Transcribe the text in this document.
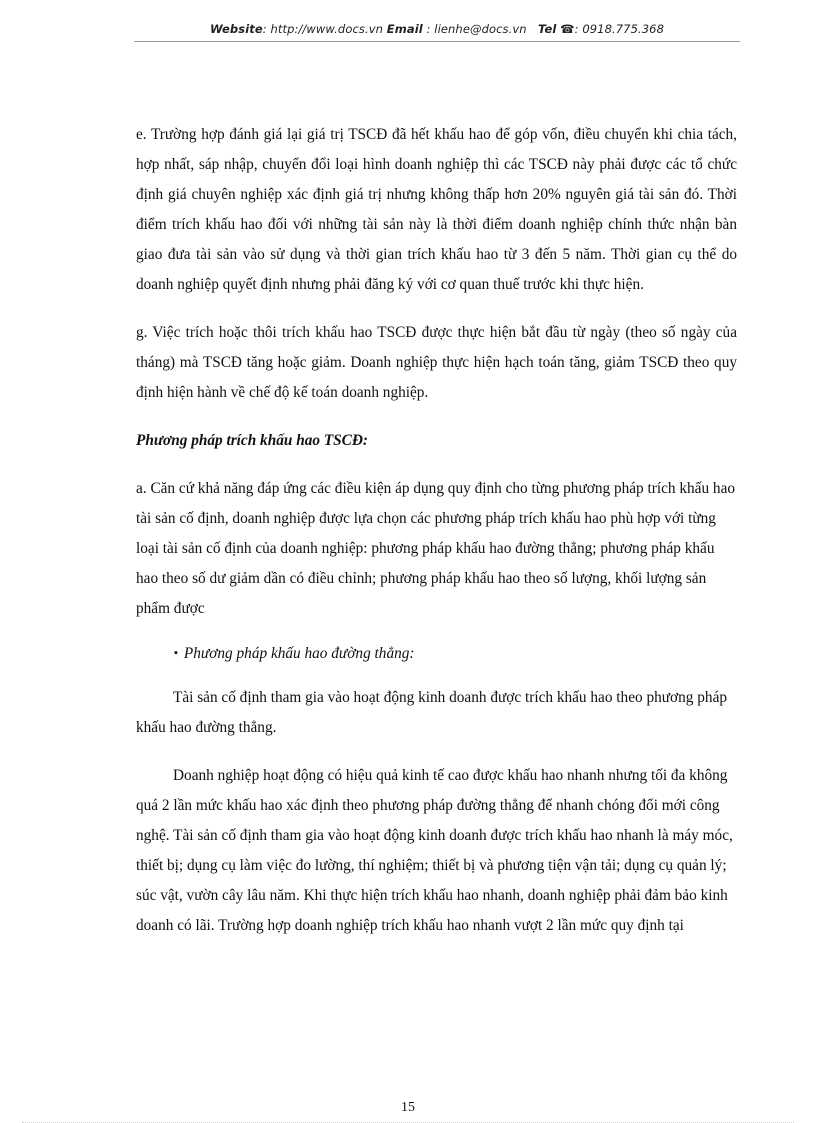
Website: http://www.docs.vn Email : lienhe@docs.vn Tel ☎: 0918.775.368

e. Trường hợp đánh giá lại giá trị TSCĐ đã hết khấu hao để góp vốn, điều chuyển khi chia tách, hợp nhất, sáp nhập, chuyển đổi loại hình doanh nghiệp thì các TSCĐ này phải được các tổ chức định giá chuyên nghiệp xác định giá trị nhưng không thấp hơn 20% nguyên giá tài sản đó. Thời điểm trích khấu hao đối với những tài sản này là thời điểm doanh nghiệp chính thức nhận bàn giao đưa tài sản vào sử dụng và thời gian trích khấu hao từ 3 đến 5 năm. Thời gian cụ thể do doanh nghiệp quyết định nhưng phải đăng ký với cơ quan thuế trước khi thực hiện.

g. Việc trích hoặc thôi trích khấu hao TSCĐ được thực hiện bắt đầu từ ngày (theo số ngày của tháng) mà TSCĐ tăng hoặc giảm. Doanh nghiệp thực hiện hạch toán tăng, giảm TSCĐ theo quy định hiện hành về chế độ kế toán doanh nghiệp.

Phương pháp trích khấu hao TSCĐ:

a. Căn cứ khả năng đáp ứng các điều kiện áp dụng quy định cho từng phương pháp trích khấu hao tài sản cố định, doanh nghiệp được lựa chọn các phương pháp trích khấu hao phù hợp với từng loại tài sản cố định của doanh nghiệp: phương pháp khấu hao đường thẳng; phương pháp khấu hao theo số dư giảm dần có điều chỉnh; phương pháp khấu hao theo số lượng, khối lượng sản phẩm được

▪ Phương pháp khấu hao đường thẳng:

Tài sản cố định tham gia vào hoạt động kinh doanh được trích khấu hao theo phương pháp khấu hao đường thẳng.

Doanh nghiệp hoạt động có hiệu quả kinh tế cao được khấu hao nhanh nhưng tối đa không quá 2 lần mức khấu hao xác định theo phương pháp đường thẳng để nhanh chóng đổi mới công nghệ. Tài sản cố định tham gia vào hoạt động kinh doanh được trích khấu hao nhanh là máy móc, thiết bị; dụng cụ làm việc đo lường, thí nghiệm; thiết bị và phương tiện vận tải; dụng cụ quản lý; súc vật, vườn cây lâu năm. Khi thực hiện trích khấu hao nhanh, doanh nghiệp phải đảm bảo kinh doanh có lãi. Trường hợp doanh nghiệp trích khấu hao nhanh vượt 2 lần mức quy định tại

15
